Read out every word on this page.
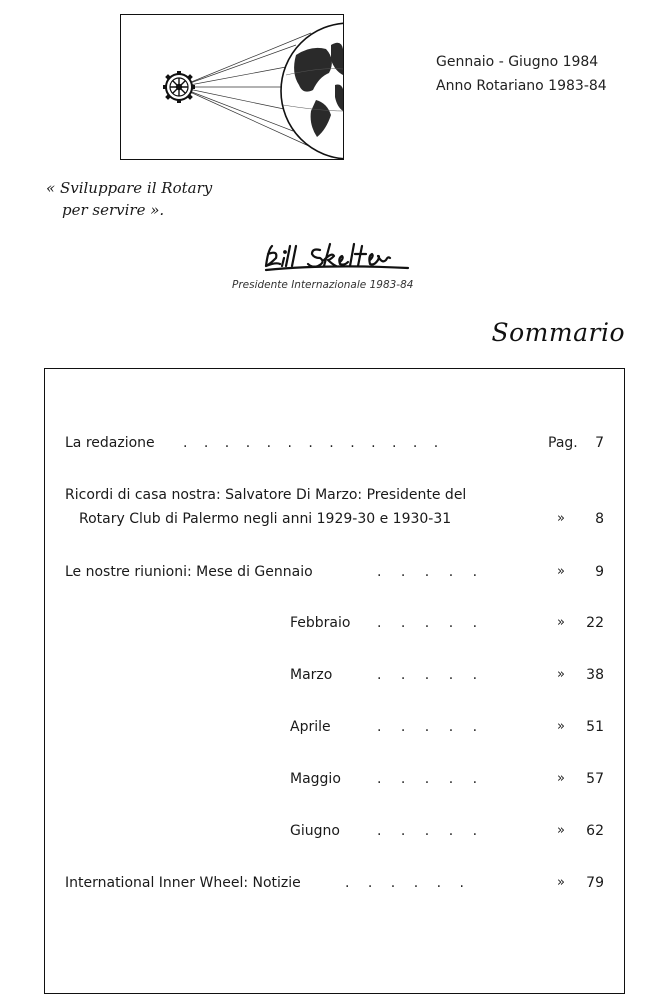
Gennaio - Giugno 1984
Anno Rotariano 1983-84
« Sviluppare il Rotary
per servire ».
Presidente Internazionale 1983-84
Sommario
La redazione . . . . . . . . . . . . .	Pag.	7
Ricordi di casa nostra: Salvatore Di Marzo: Presidente del
Rotary Club di Palermo negli anni 1929-30 e 1930-31	»	8
Le nostre riunioni: Mese di Gennaio	. . . . .	»	9
Febbraio . . . . .	»	22
Marzo	. . . . .	»	38
Aprile	. . . . .	»	51
Maggio	. . . . .	»	57
Giugno	. . . . .	»	62
International Inner Wheel: Notizie	. . . . . .	»	79
